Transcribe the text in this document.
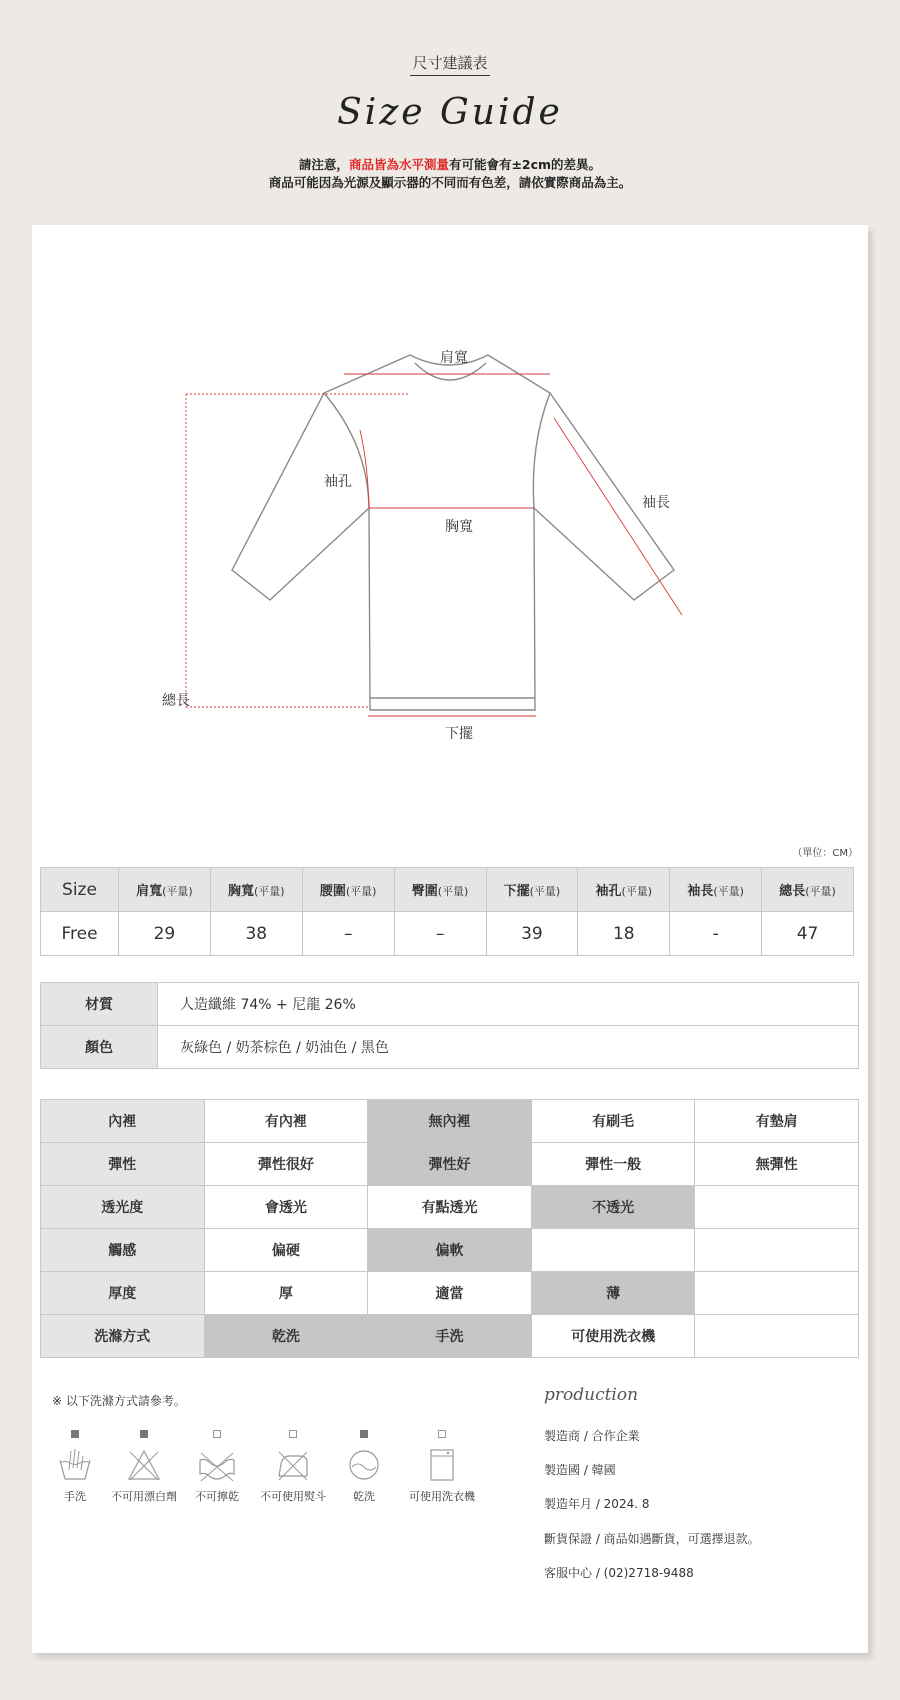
尺寸建議表
Size Guide
請注意，商品皆為水平測量有可能會有±2cm的差異。
商品可能因為光源及顯示器的不同而有色差，請依實際商品為主。
肩寬
袖孔
袖長
胸寬
總長
下擺
（單位：CM）
Size	肩寬(平量)	胸寬(平量)	腰圍(平量)	臀圍(平量)	下擺(平量)	袖孔(平量)	袖長(平量)	總長(平量)
Free	29	38	–	–	39	18	-	47
材質	人造纖維 74% + 尼龍 26%
顏色	灰綠色 / 奶茶棕色 / 奶油色 / 黑色
內裡	有內裡	無內裡	有刷毛	有墊肩
彈性	彈性很好	彈性好	彈性一般	無彈性
透光度	會透光	有點透光	不透光	
觸感	偏硬	偏軟		
厚度	厚	適當	薄	
洗滌方式	乾洗	手洗	可使用洗衣機	
※ 以下洗滌方式請參考。
手洗	不可用漂白劑	不可擰乾	不可使用熨斗	乾洗	可使用洗衣機
production
製造商 / 合作企業
製造國 / 韓國
製造年月 / 2024. 8
斷貨保證 / 商品如遇斷貨，可選擇退款。
客服中心 / (02)2718-9488
